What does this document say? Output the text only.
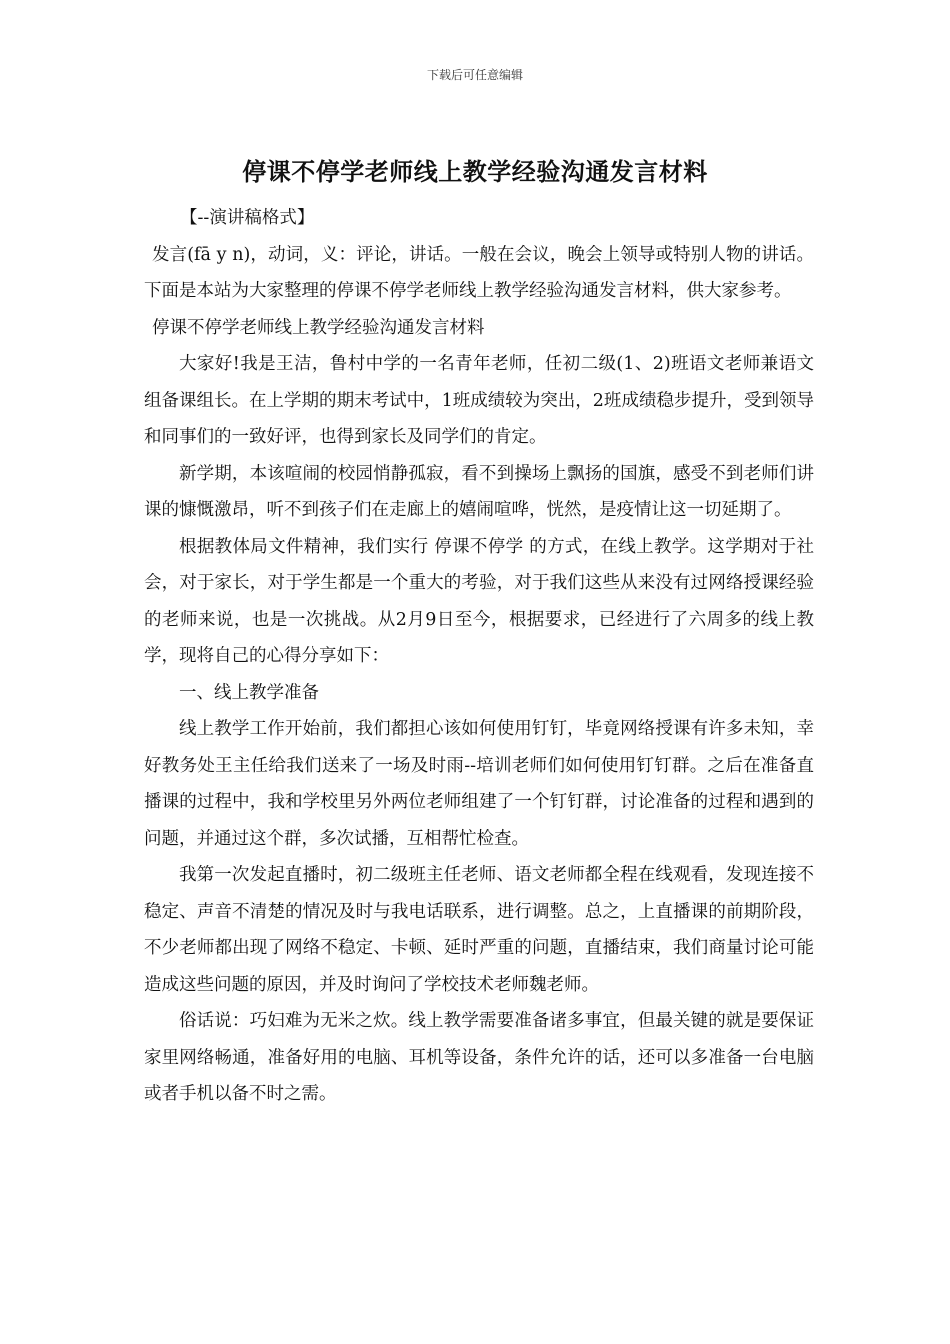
下载后可任意编辑
停课不停学老师线上教学经验沟通发言材料

【--演讲稿格式】

发言(fā y n)，动词，义：评论，讲话。一般在会议，晚会上领导或特别人物的讲话。下面是本站为大家整理的停课不停学老师线上教学经验沟通发言材料，供大家参考。

停课不停学老师线上教学经验沟通发言材料

大家好!我是王洁，鲁村中学的一名青年老师，任初二级(1、2)班语文老师兼语文组备课组长。在上学期的期末考试中，1班成绩较为突出，2班成绩稳步提升，受到领导和同事们的一致好评，也得到家长及同学们的肯定。

新学期，本该喧闹的校园悄静孤寂，看不到操场上飘扬的国旗，感受不到老师们讲课的慷慨激昂，听不到孩子们在走廊上的嬉闹喧哗，恍然，是疫情让这一切延期了。

根据教体局文件精神，我们实行 停课不停学 的方式，在线上教学。这学期对于社会，对于家长，对于学生都是一个重大的考验，对于我们这些从来没有过网络授课经验的老师来说，也是一次挑战。从2月9日至今，根据要求，已经进行了六周多的线上教学，现将自己的心得分享如下：

一、线上教学准备

线上教学工作开始前，我们都担心该如何使用钉钉，毕竟网络授课有许多未知，幸好教务处王主任给我们送来了一场及时雨--培训老师们如何使用钉钉群。之后在准备直播课的过程中，我和学校里另外两位老师组建了一个钉钉群，讨论准备的过程和遇到的问题，并通过这个群，多次试播，互相帮忙检查。

我第一次发起直播时，初二级班主任老师、语文老师都全程在线观看，发现连接不稳定、声音不清楚的情况及时与我电话联系，进行调整。总之，上直播课的前期阶段，不少老师都出现了网络不稳定、卡顿、延时严重的问题，直播结束，我们商量讨论可能造成这些问题的原因，并及时询问了学校技术老师魏老师。

俗话说：巧妇难为无米之炊。线上教学需要准备诸多事宜，但最关键的就是要保证家里网络畅通，准备好用的电脑、耳机等设备，条件允许的话，还可以多准备一台电脑或者手机以备不时之需。
